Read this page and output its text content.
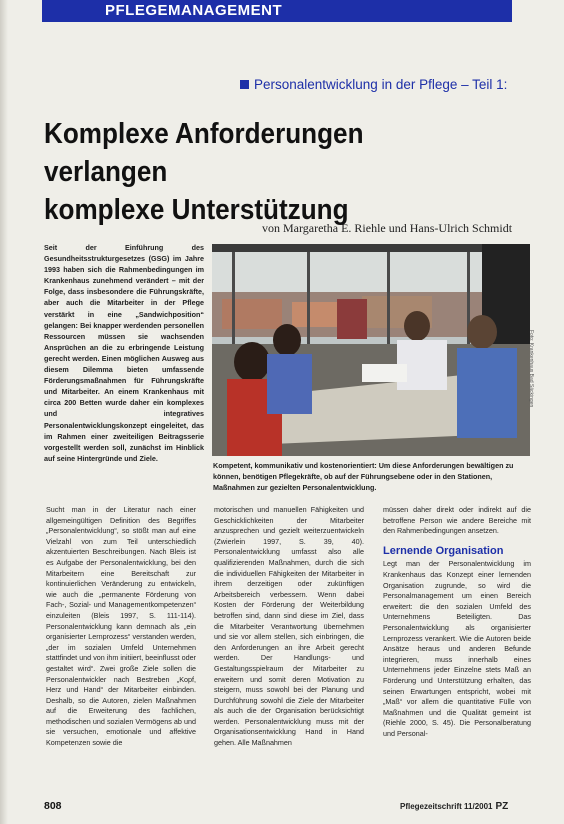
PFLEGEMANAGEMENT
Personalentwicklung in der Pflege – Teil 1:
Komplexe Anforderungen verlangen
komplexe Unterstützung
von Margaretha E. Riehle und Hans-Ulrich Schmidt
Seit der Einführung des Gesundheitsstrukturgesetzes (GSG) im Jahre 1993 haben sich die Rahmenbedingungen im Krankenhaus zunehmend verändert – mit der Folge, dass insbesondere die Führungskräfte, aber auch die Mitarbeiter in der Pflege verstärkt in eine „Sandwichposition“ gelangen: Bei knapper werdenden personellen Ressourcen müssen sie wachsenden Ansprüchen an die zu erbringende Leistung gerecht werden. Einen möglichen Ausweg aus diesem Dilemma bieten umfassende Förderungsmaßnahmen für Führungskräfte und Mitarbeiter. An einem Krankenhaus mit circa 200 Betten wurde daher ein komplexes und integratives Personalentwicklungskonzept eingeleitet, das im Rahmen einer zweiteiligen Beitragsserie vorgestellt werden soll, zunächst im Hinblick auf seine Hintergründe und Ziele.
Foto: Krankenhaus Bad Säckingen
Kompetent, kommunikativ und kostenorientiert: Um diese Anforderungen bewältigen zu können, benötigen Pflegekräfte, ob auf der Führungsebene oder in den Stationen, Maßnahmen zur gezielten Personalentwicklung.
Sucht man in der Literatur nach einer allgemeingültigen Definition des Begriffes „Personalentwicklung“, so stößt man auf eine Vielzahl von zum Teil unterschiedlich akzentuierten Beschreibungen. Nach Bleis ist es Aufgabe der Personalentwicklung, bei den Mitarbeitern eine Bereitschaft zur kontinuierlichen Veränderung zu entwickeln, wie auch die „permanente Förderung von Fach-, Sozial- und Managementkompetenzen“ einzuleiten (Bleis 1997, S. 111-114). Personalentwicklung kann demnach als „ein organisierter Lernprozess“ verstanden werden, „der im sozialen Umfeld Unternehmen stattfindet und von ihm initiiert, beeinflusst oder gestaltet wird“. Zwei große Ziele sollen die Personalentwickler nach Bestreben „Kopf, Herz und Hand“ der Mitarbeiter einbinden. Deshalb, so die Autoren, zielen Maßnahmen auf die Erweiterung des fachlichen, methodischen und sozialen Vermögens ab und sie versuchen, emotionale und affektive Kompetenzen sowie die
motorischen und manuellen Fähigkeiten und Geschicklichkeiten der Mitarbeiter anzusprechen und gezielt weiterzuentwickeln (Zwierlein 1997, S. 39, 40). Personalentwicklung umfasst also alle qualifizierenden Maßnahmen, durch die sich die individuellen Fähigkeiten der Mitarbeiter in ihrem derzeitigen oder zukünftigen Arbeitsbereich verbessern. Wenn dabei Kosten der Förderung der Weiterbildung betroffen sind, dann sind diese im Ziel, dass die Mitarbeiter Verantwortung übernehmen und sie vor allem stellen, sich einbringen, die den Anforderungen an ihre Arbeit gerecht werden. Der Handlungs- und Gestaltungsspielraum der Mitarbeiter zu erweitern und somit deren Motivation zu steigern, muss sowohl bei der Planung und Durchführung sowohl die Ziele der Mitarbeiter als auch die der Organisation berücksichtigt werden. Personalentwicklung muss mit der Organisationsentwicklung Hand in Hand gehen. Alle Maßnahmen
müssen daher direkt oder indirekt auf die betroffene Person wie andere Bereiche mit den Rahmenbedingungen ansetzen.
Lernende Organisation
Legt man der Personalentwicklung im Krankenhaus das Konzept einer lernenden Organisation zugrunde, so wird die Personalmanagement um einen Bereich erweitert: die den sozialen Umfeld des Unternehmens Beteiligten. Das Personalentwicklung als organisierter Lernprozess verankert. Wie die Autoren beide Ansätze heraus und anderen Befunde integrieren, muss innerhalb eines Unternehmens jeder Einzelne stets Maß an Förderung und Unterstützung erhalten, das seinen Erwartungen entspricht, wobei mit „Maß“ vor allem die quantitative Fülle von Maßnahmen und die Qualität gemeint ist (Riehle 2000, S. 45). Die Personalberatung und Personal-
808	Pflegezeitschrift 11/2001 PZ
